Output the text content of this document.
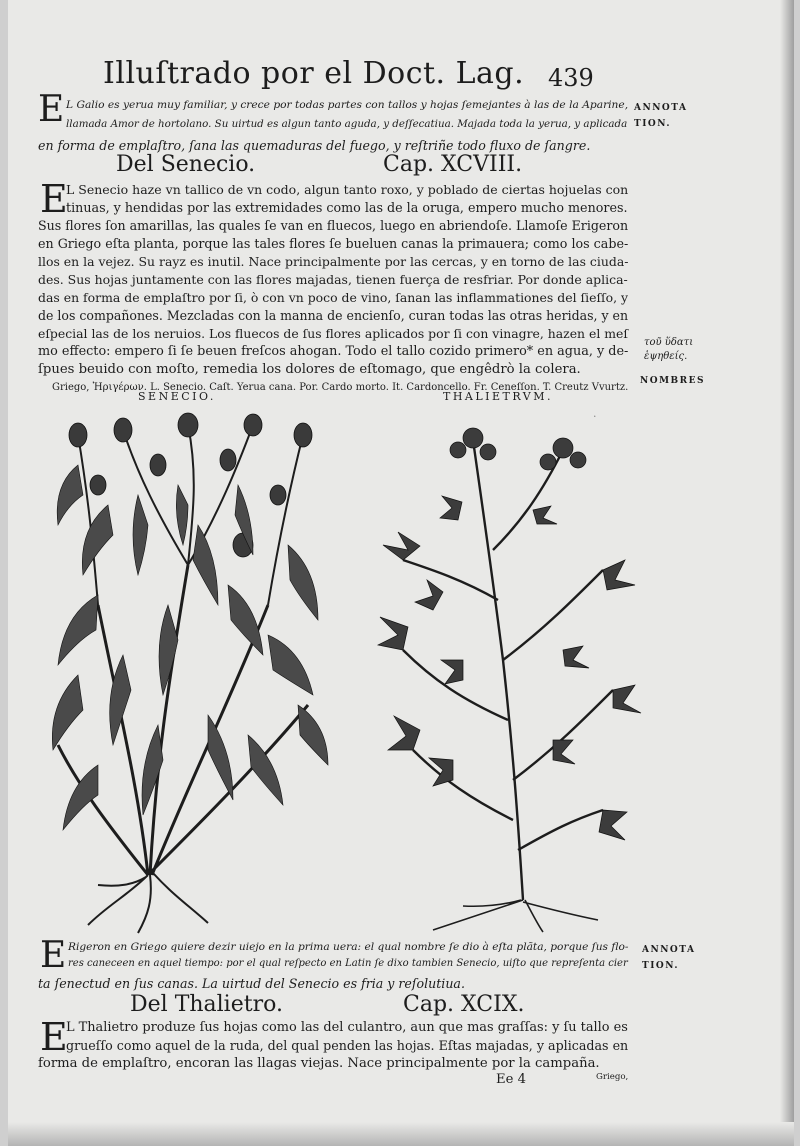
·
Illuſtrado por el Doct. Lag. 439
E L Galio es yerua muy familiar, y crece por todas partes con tallos y hojas ſemejantes à las de la Aparine,
llamada Amor de hortolano. Su uirtud es algun tanto aguda, y deſſecatiua. Majada toda la yerua, y aplicada
en forma de emplaſtro, ſana las quemaduras del fuego, y reſtriñe todo fluxo de ſangre.
ANNOTA TION.
Del Senecio.	Cap. XCVIII.
E
L Senecio haze vn tallico de vn codo, algun tanto roxo, y poblado de ciertas hojuelas con
tinuas, y hendidas por las extremidades como las de la oruga, empero mucho menores.
Sus flores ſon amarillas, las quales ſe van en fluecos, luego en abriendoſe. Llamoſe Erigeron
en Griego eſta planta, porque las tales flores ſe bueluen canas la primauera; como los cabe-
llos en la vejez. Su rayz es inutil. Nace principalmente por las cercas, y en torno de las ciuda-
des. Sus hojas juntamente con las flores majadas, tienen fuerça de resfriar. Por donde aplica-
das en forma de emplaſtro por ſi, ò con vn poco de vino, ſanan las inflammationes del ſieſſo, y
de los compañones. Mezcladas con la manna de encienſo, curan todas las otras heridas, y en
eſpecial las de los neruios. Los fluecos de ſus flores aplicados por ſi con vinagre, hazen el meſ
mo effecto: empero ſi ſe beuen freſcos ahogan. Todo el tallo cozido primero* en agua, y de-
ſpues beuido con moſto, remedia los dolores de eſtomago, que engêdrò la colera.
τοῦ ὕδατι ἑψηθείς.
Griego, Ἠριγέρων. L. Senecio. Caſt. Yerua cana. Por. Cardo morto. It. Cardoncello. Fr. Ceneſſon. T. Creutz Vvurtz.
NOMBRES
SENECIO.	THALIETRVM.
E Rigeron en Griego quiere dezir uiejo en la prima uera: el qual nombre ſe dio à eſta plãta, porque ſus flo-
res caneceen en aquel tiempo: por el qual reſpecto en Latin ſe dixo tambien Senecio, uiſto que repreſenta cier
ta ſenectud en ſus canas. La uirtud del Senecio es fria y reſolutiua.
ANNOTA TION.
Del Thalietro.	Cap. XCIX.
E
L Thalietro produze ſus hojas como las del culantro, aun que mas graſſas: y ſu tallo es
grueſſo como aquel de la ruda, del qual penden las hojas. Eſtas majadas, y aplicadas en
forma de emplaſtro, encoran las llagas viejas. Nace principalmente por la campaña.
Ee 4	Griego,
